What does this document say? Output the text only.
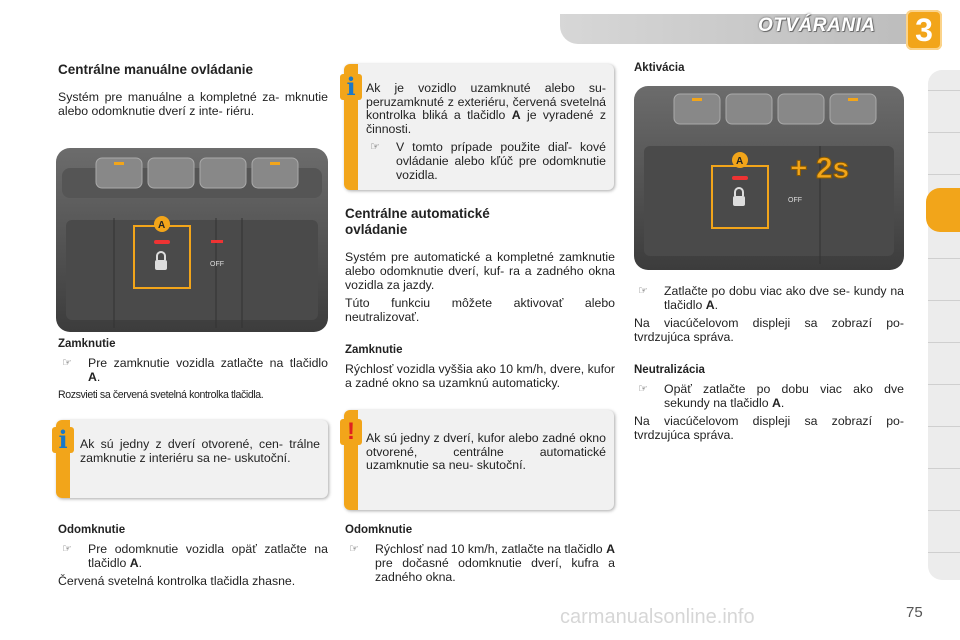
OTVÁRANIA 3
Centrálne manuálne ovládanie

Systém pre manuálne a kompletné za- mknutie alebo odomknutie dverí z inte- riéru.

OFF
A
Zamknutie
☞	Pre zamknutie vozidla zatlačte na tlačidlo A.

Rozsvieti sa červená svetelná kontrolka tlačidla.

Ak sú jedny z dverí otvorené, cen- trálne zamknutie z interiéru sa ne- uskutoční.
i
Odomknutie
☞	Pre odomknutie vozidla opäť zatlačte na tlačidlo A.

Červená svetelná kontrolka tlačidla zhasne.

Ak je vozidlo uzamknuté alebo su- peruzamknuté z exteriéru, červená svetelná kontrolka bliká a tlačidlo A je vyradené z činnosti.
☞	V tomto prípade použite diaľ- kové ovládanie alebo kľúč pre odomknutie vozidla.
i
Centrálne automatické ovládanie

Systém pre automatické a kompletné zamknutie alebo odomknutie dverí, kuf- ra a zadného okna vozidla za jazdy.

Túto funkciu môžete aktivovať alebo neutralizovať.

Zamknutie

Rýchlosť vozidla vyššia ako 10 km/h, dvere, kufor a zadné okno sa uzamknú automaticky.

Ak sú jedny z dverí, kufor alebo zadné okno otvorené, centrálne automatické uzamknutie sa neu- skutoční.
!
Odomknutie
☞	Rýchlosť nad 10 km/h, zatlačte na tlačidlo A pre dočasné odomknutie dverí, kufra a zadného okna.
Aktivácia
OFF
A + 2s
☞	Zatlačte po dobu viac ako dve se- kundy na tlačidlo A.

Na viacúčelovom displeji sa zobrazí po- tvrdzujúca správa.

Neutralizácia
☞	Opäť zatlačte po dobu viac ako dve sekundy na tlačidlo A.

Na viacúčelovom displeji sa zobrazí po- tvrdzujúca správa.

carmanualsonline.info	75
